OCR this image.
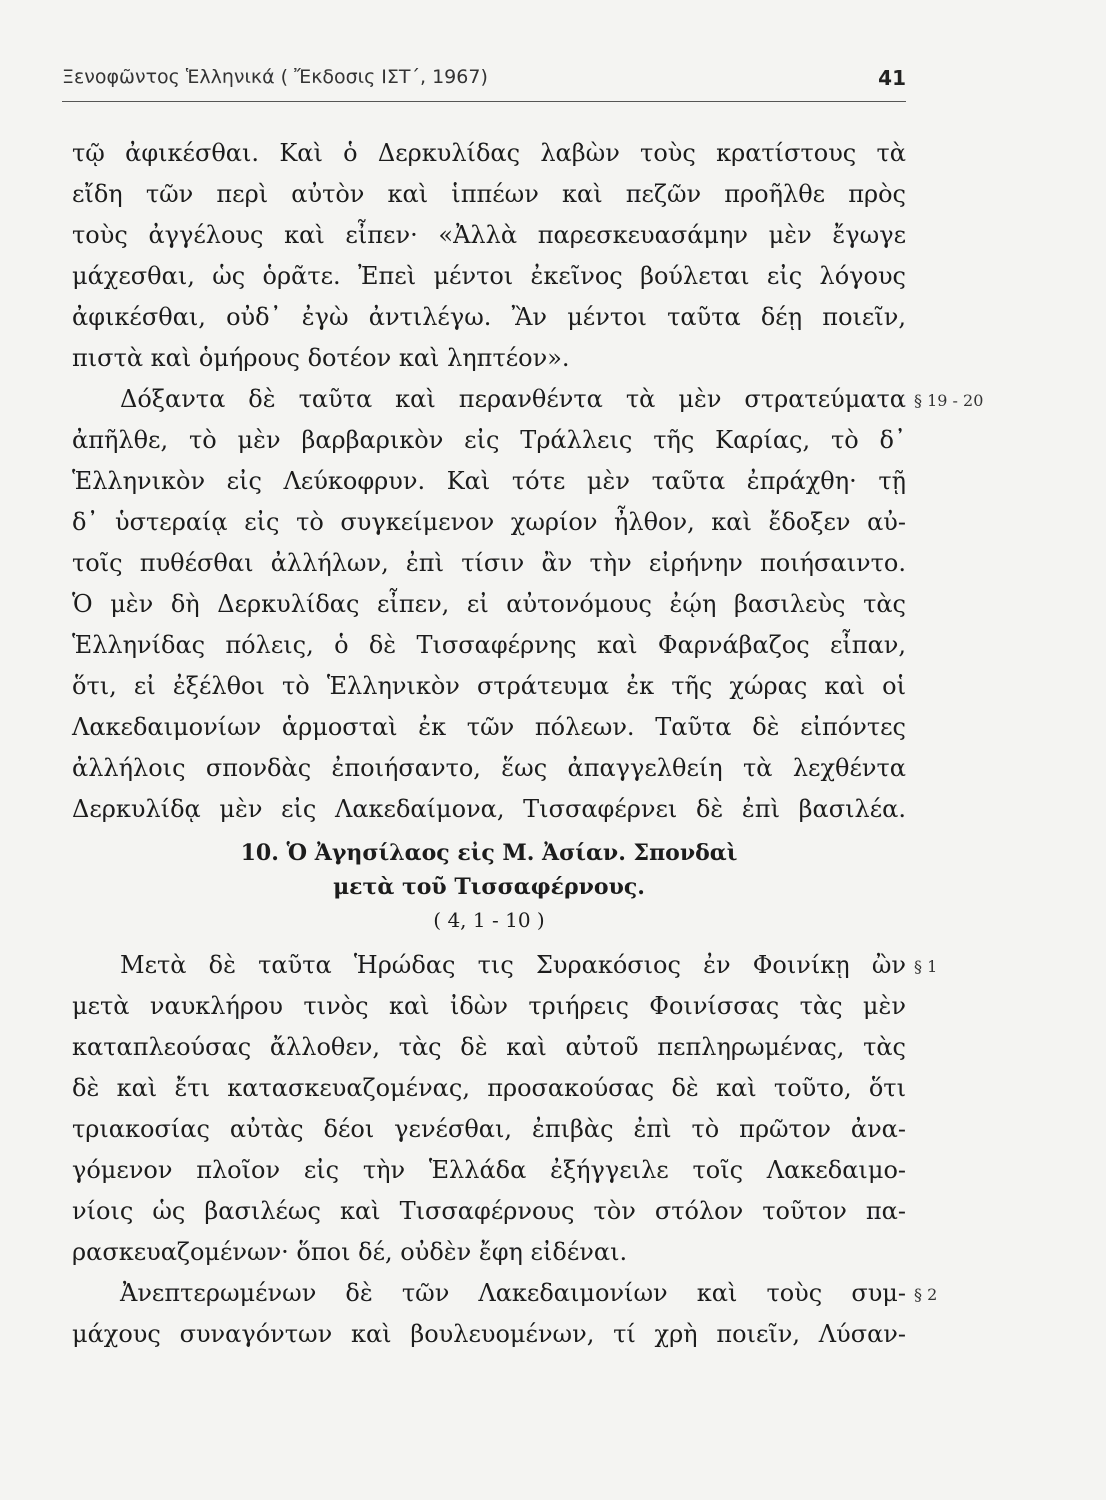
Ξενοφῶντος Ἑλληνικά ( Ἔκδοσις ΙΣΤ΄, 1967)	41
τῷ ἀφικέσθαι. Καὶ ὁ Δερκυλίδας λαβὼν τοὺς κρατίστους τὰ
εἴδη τῶν περὶ αὐτὸν καὶ ἱππέων καὶ πεζῶν προῆλθε πρὸς
τοὺς ἀγγέλους καὶ εἶπεν· «Ἀλλὰ παρεσκευασάμην μὲν ἔγωγε
μάχεσθαι, ὡς ὁρᾶτε. Ἐπεὶ μέντοι ἐκεῖνος βούλεται εἰς λόγους
ἀφικέσθαι, οὐδ᾽ ἐγὼ ἀντιλέγω. Ἂν μέντοι ταῦτα δέῃ ποιεῖν,
πιστὰ καὶ ὁμήρους δοτέον καὶ ληπτέον».
Δόξαντα δὲ ταῦτα καὶ περανθέντα τὰ μὲν στρατεύματα § 19 - 20
ἀπῆλθε, τὸ μὲν βαρβαρικὸν εἰς Τράλλεις τῆς Καρίας, τὸ δ᾽
Ἑλληνικὸν εἰς Λεύκοφρυν. Καὶ τότε μὲν ταῦτα ἐπράχθη· τῇ
δ᾽ ὑστεραίᾳ εἰς τὸ συγκείμενον χωρίον ἦλθον, καὶ ἔδοξεν αὐ-
τοῖς πυθέσθαι ἀλλήλων, ἐπὶ τίσιν ἂν τὴν εἰρήνην ποιήσαιντο.
Ὁ μὲν δὴ Δερκυλίδας εἶπεν, εἰ αὐτονόμους ἐῴη βασιλεὺς τὰς
Ἑλληνίδας πόλεις, ὁ δὲ Τισσαφέρνης καὶ Φαρνάβαζος εἶπαν,
ὅτι, εἰ ἐξέλθοι τὸ Ἑλληνικὸν στράτευμα ἐκ τῆς χώρας καὶ οἱ
Λακεδαιμονίων ἁρμοσταὶ ἐκ τῶν πόλεων. Ταῦτα δὲ εἰπόντες
ἀλλήλοις σπονδὰς ἐποιήσαντο, ἕως ἀπαγγελθείη τὰ λεχθέντα
Δερκυλίδᾳ μὲν εἰς Λακεδαίμονα, Τισσαφέρνει δὲ ἐπὶ βασιλέα.
10. Ὁ Ἀγησίλαος εἰς Μ. Ἀσίαν. Σπονδαὶ
μετὰ τοῦ Τισσαφέρνους.
( 4, 1 - 10 )
Μετὰ δὲ ταῦτα Ἡρώδας τις Συρακόσιος ἐν Φοινίκῃ ὢν § 1
μετὰ ναυκλήρου τινὸς καὶ ἰδὼν τριήρεις Φοινίσσας τὰς μὲν
καταπλεούσας ἄλλοθεν, τὰς δὲ καὶ αὐτοῦ πεπληρωμένας, τὰς
δὲ καὶ ἔτι κατασκευαζομένας, προσακούσας δὲ καὶ τοῦτο, ὅτι
τριακοσίας αὐτὰς δέοι γενέσθαι, ἐπιβὰς ἐπὶ τὸ πρῶτον ἀνα-
γόμενον πλοῖον εἰς τὴν Ἑλλάδα ἐξήγγειλε τοῖς Λακεδαιμο-
νίοις ὡς βασιλέως καὶ Τισσαφέρνους τὸν στόλον τοῦτον πα-
ρασκευαζομένων· ὅποι δέ, οὐδὲν ἔφη εἰδέναι.
Ἀνεπτερωμένων δὲ τῶν Λακεδαιμονίων καὶ τοὺς συμ- § 2
μάχους συναγόντων καὶ βουλευομένων, τί χρὴ ποιεῖν, Λύσαν-
